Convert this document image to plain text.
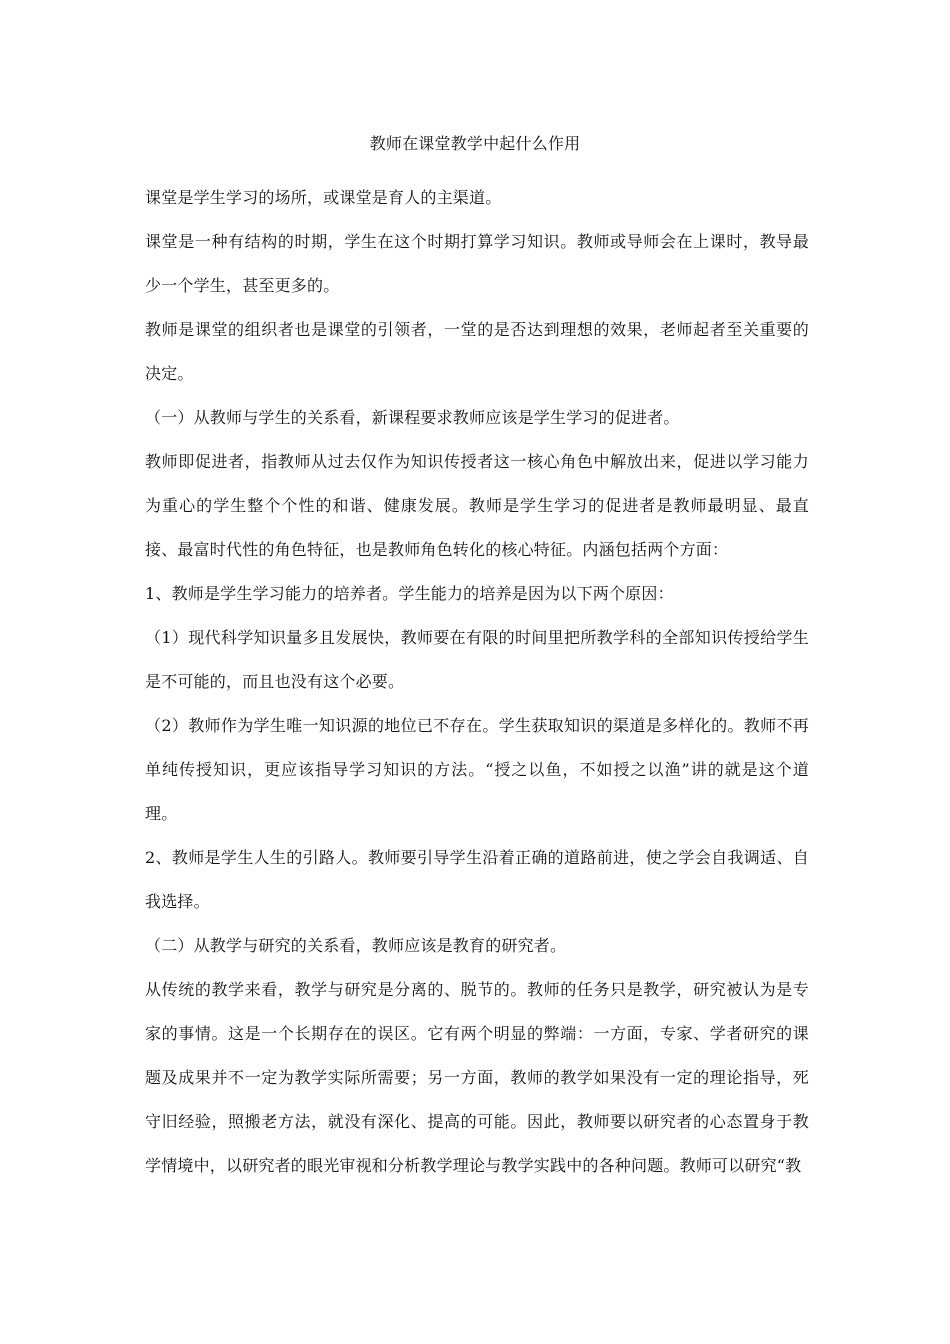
教师在课堂教学中起什么作用

课堂是学生学习的场所，或课堂是育人的主渠道。

课堂是一种有结构的时期，学生在这个时期打算学习知识。教师或导师会在上课时，教导最少一个学生，甚至更多的。

教师是课堂的组织者也是课堂的引领者，一堂的是否达到理想的效果，老师起者至关重要的决定。

（一）从教师与学生的关系看，新课程要求教师应该是学生学习的促进者。

教师即促进者，指教师从过去仅作为知识传授者这一核心角色中解放出来，促进以学习能力为重心的学生整个个性的和谐、健康发展。教师是学生学习的促进者是教师最明显、最直接、最富时代性的角色特征，也是教师角色转化的核心特征。内涵包括两个方面：

1、教师是学生学习能力的培养者。学生能力的培养是因为以下两个原因：

（1）现代科学知识量多且发展快，教师要在有限的时间里把所教学科的全部知识传授给学生是不可能的，而且也没有这个必要。

（2）教师作为学生唯一知识源的地位已不存在。学生获取知识的渠道是多样化的。教师不再单纯传授知识，更应该指导学习知识的方法。“授之以鱼，不如授之以渔”讲的就是这个道理。

2、教师是学生人生的引路人。教师要引导学生沿着正确的道路前进，使之学会自我调适、自我选择。

（二）从教学与研究的关系看，教师应该是教育的研究者。

从传统的教学来看，教学与研究是分离的、脱节的。教师的任务只是教学，研究被认为是专家的事情。这是一个长期存在的误区。它有两个明显的弊端：一方面，专家、学者研究的课题及成果并不一定为教学实际所需要；另一方面，教师的教学如果没有一定的理论指导，死守旧经验，照搬老方法，就没有深化、提高的可能。因此，教师要以研究者的心态置身于教学情境中，以研究者的眼光审视和分析教学理论与教学实践中的各种问题。教师可以研究“教
